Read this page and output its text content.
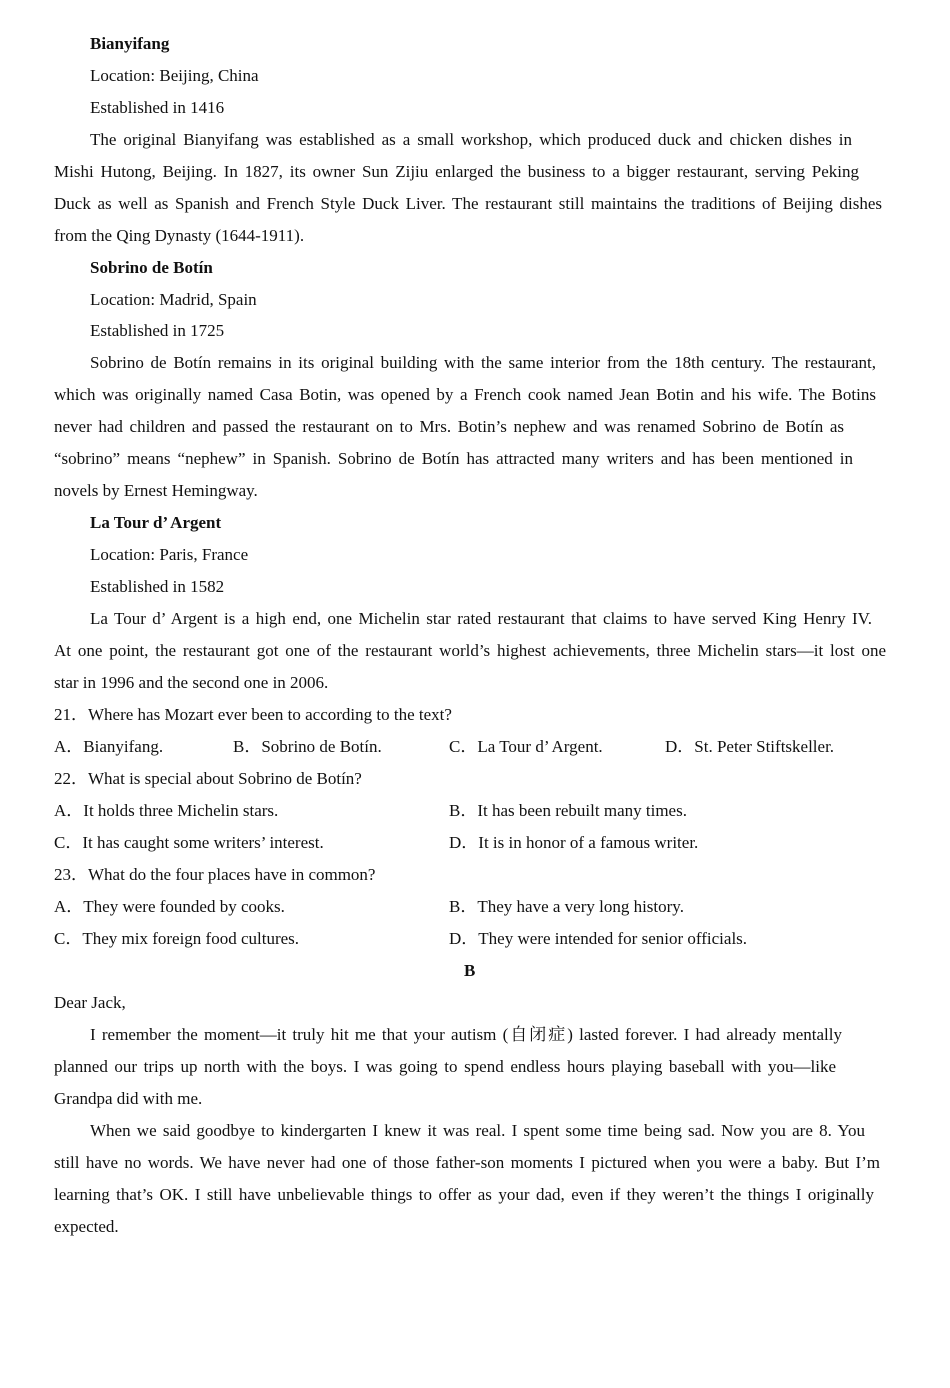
Bianyifang
Location: Beijing, China
Established in 1416
The original Bianyifang was established as a small workshop, which produced duck and chicken dishes in
Mishi Hutong, Beijing. In 1827, its owner Sun Zijiu enlarged the business to a bigger restaurant, serving Peking
Duck as well as Spanish and French Style Duck Liver. The restaurant still maintains the traditions of Beijing dishes
from the Qing Dynasty (1644-1911).
Sobrino de Botín
Location: Madrid, Spain
Established in 1725
Sobrino de Botín remains in its original building with the same interior from the 18th century. The restaurant,
which was originally named Casa Botin, was opened by a French cook named Jean Botin and his wife. The Botins
never had children and passed the restaurant on to Mrs. Botin’s nephew and was renamed Sobrino de Botín as
“sobrino” means “nephew” in Spanish. Sobrino de Botín has attracted many writers and has been mentioned in
novels by Ernest Hemingway.
La Tour d’ Argent
Location: Paris, France
Established in 1582
La Tour d’ Argent is a high end, one Michelin star rated restaurant that claims to have served King Henry IV.
At one point, the restaurant got one of the restaurant world’s highest achievements, three Michelin stars—it lost one
star in 1996 and the second one in 2006.
21．Where has Mozart ever been to according to the text?
A．Bianyifang.	B．Sobrino de Botín.	C．La Tour d’ Argent.	D．St. Peter Stiftskeller.
22．What is special about Sobrino de Botín?
A．It holds three Michelin stars.	B．It has been rebuilt many times.
C．It has caught some writers’ interest.	D．It is in honor of a famous writer.
23．What do the four places have in common?
A．They were founded by cooks.	B．They have a very long history.
C．They mix foreign food cultures.	D．They were intended for senior officials.
B
Dear Jack,
I remember the moment—it truly hit me that your autism (自闭症) lasted forever. I had already mentally
planned our trips up north with the boys. I was going to spend endless hours playing baseball with you—like
Grandpa did with me.
When we said goodbye to kindergarten I knew it was real. I spent some time being sad. Now you are 8. You
still have no words. We have never had one of those father-son moments I pictured when you were a baby. But I’m
learning that’s OK. I still have unbelievable things to offer as your dad, even if they weren’t the things I originally
expected.
